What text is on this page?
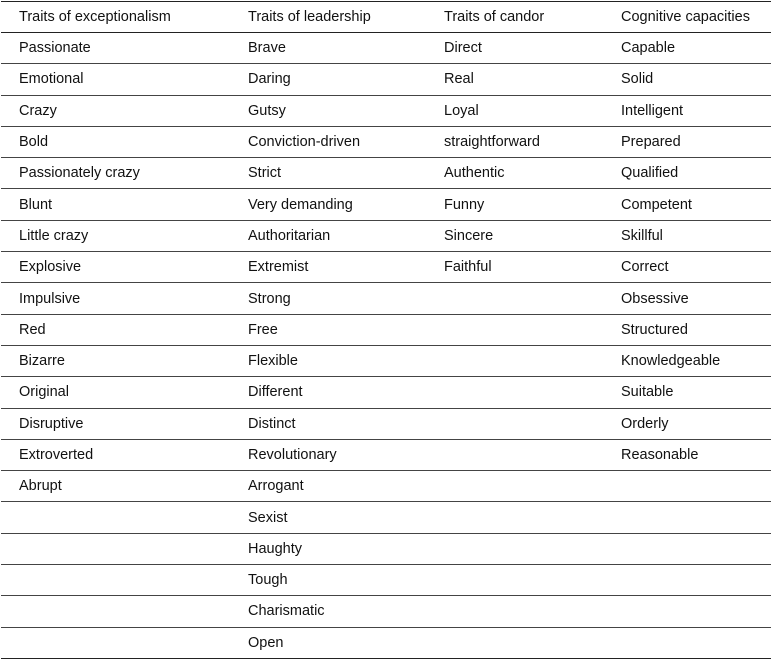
Traits of exceptionalism	Traits of leadership	Traits of candor	Cognitive capacities
Passionate	Brave	Direct	Capable
Emotional	Daring	Real	Solid
Crazy	Gutsy	Loyal	Intelligent
Bold	Conviction-driven	straightforward	Prepared
Passionately crazy	Strict	Authentic	Qualified
Blunt	Very demanding	Funny	Competent
Little crazy	Authoritarian	Sincere	Skillful
Explosive	Extremist	Faithful	Correct
Impulsive	Strong		Obsessive
Red	Free		Structured
Bizarre	Flexible		Knowledgeable
Original	Different		Suitable
Disruptive	Distinct		Orderly
Extroverted	Revolutionary		Reasonable
Abrupt	Arrogant		
	Sexist		
	Haughty		
	Tough		
	Charismatic		
	Open		
